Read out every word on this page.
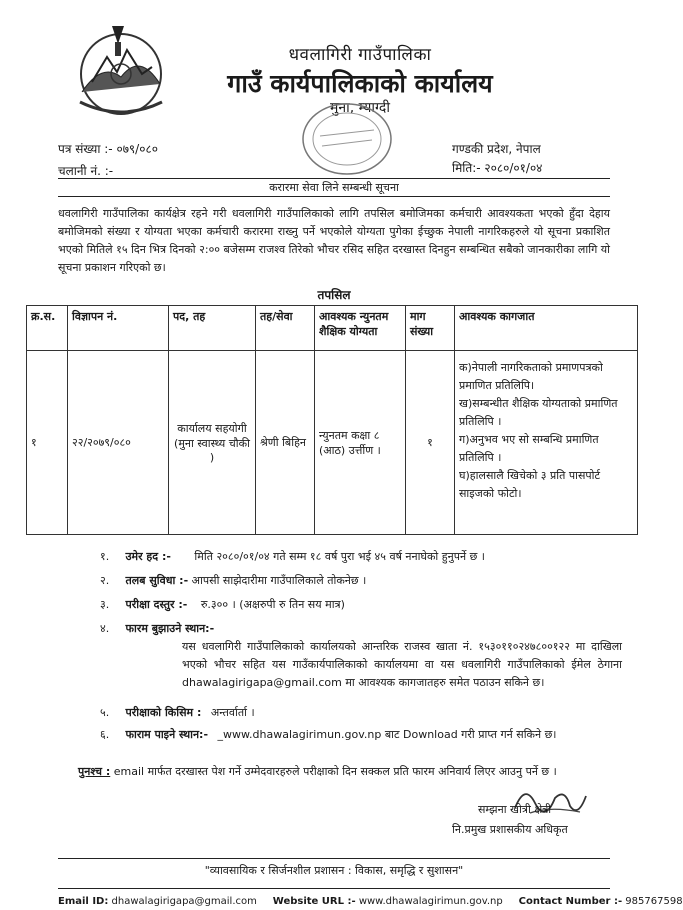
धवलागिरी गाउँपालिका
गाउँ कार्यपालिकाको कार्यालय
मुना, म्याग्दी
पत्र संख्या :- ०७९/०८०
चलानी नं. :-
गण्डकी प्रदेश, नेपाल
मिति:- २०८०/०१/०४
करारमा सेवा लिने सम्बन्धी सूचना
धवलागिरी गाउँपालिका कार्यक्षेत्र रहने गरी धवलागिरी गाउँपालिकाको लागि तपसिल बमोजिमका कर्मचारी आवश्यकता भएको हुँदा देहाय बमोजिमको संख्या र योग्यता भएका कर्मचारी करारमा राख्नु पर्ने भएकोले योग्यता पुगेका ईच्छुक नेपाली नागरिकहरुले यो सूचना प्रकाशित भएको मितिले १५ दिन भित्र दिनको २:०० बजेसम्म राजश्व तिरेको भौचर रसिद सहित दरखास्त दिनहुन सम्बन्धित सबैको जानकारीका लागि यो सूचना प्रकाशन गरिएको छ।
तपसिल
क्र.स.	विज्ञापन नं.	पद, तह	तह/सेवा	आवश्यक न्युनतम शैक्षिक योग्यता	माग संख्या	आवश्यक कागजात
१	२२/२०७९/०८०	कार्यालय सहयोगी (मुना स्वास्थ्य चौकी )	श्रेणी बिहिन	न्युनतम कक्षा ८ (आठ) उर्त्तीण ।	१	क)नेपाली नागरिकताको प्रमाणपत्रको प्रमाणित प्रतिलिपि।
ख)सम्बन्धीत शैक्षिक योग्यताको प्रमाणित प्रतिलिपि ।
ग)अनुभव भए सो सम्बन्धि प्रमाणित प्रतिलिपि ।
घ)हालसालै खिचेको ३ प्रति पासपोर्ट साइजको फोटो।
१. उमेर हद :- मिति २०८०/०१/०४ गते सम्म १८ वर्ष पुरा भई ४५ वर्ष ननाघेको हुनुपर्ने छ ।
२. तलब सुविधा :- आपसी साझेदारीमा गाउँपालिकाले तोकनेछ ।
३. परीक्षा दस्तुर :- रु.३०० । (अक्षरुपी रु तिन सय मात्र)
४. फारम बुझाउने स्थान:-
यस धवलागिरी गाउँपालिकाको कार्यालयको आन्तरिक राजस्व खाता नं. १५३०११०२४७८००१२२ मा दाखिला भएको भौचर सहित यस गाउँकार्यपालिकाको कार्यालयमा वा यस धवलागिरी गाउँपालिकाको ईमेल ठेगाना dhawalagirigapa@gmail.com मा आवश्यक कागजातहरु समेत पठाउन सकिने छ।
५. परीक्षाको किसिम : अन्तर्वार्ता ।
६. फाराम पाइने स्थान:- _www.dhawalagirimun.gov.np बाट Download गरी प्राप्त गर्न सकिने छ।
पुनश्च : email मार्फत दरखास्त पेश गर्ने उम्मेदवारहरुले परीक्षाको दिन सक्कल प्रति फारम अनिवार्य लिएर आउनु पर्ने छ ।
सम्झना खोत्री क्षेत्री
नि.प्रमुख प्रशासकीय अधिकृत
"व्यावसायिक र सिर्जनशील प्रशासन : विकास, समृद्धि र सुशासन"
Email ID: dhawalagirigapa@gmail.com Website URL :- www.dhawalagirimun.gov.np Contact Number :- 985767598
